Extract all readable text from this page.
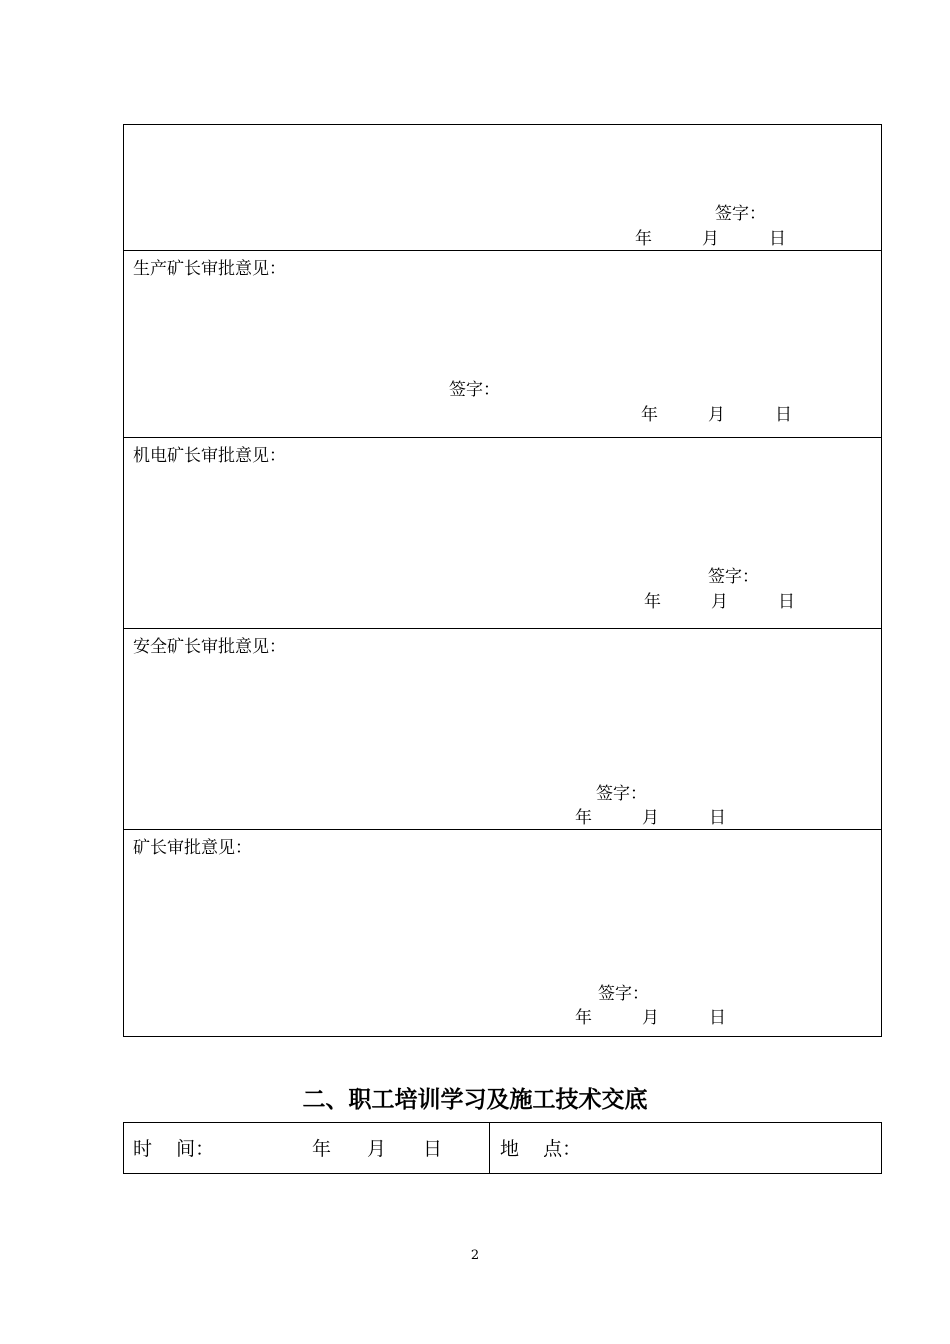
签字：
年	月	日
生产矿长审批意见：
签字：
年	月	日
机电矿长审批意见：
签字：
年	月	日
安全矿长审批意见：
签字：
年	月	日
矿长审批意见：
签字：
年	月	日
二、职工培训学习及施工技术交底
时    间：	年 月 日	地    点：
2
